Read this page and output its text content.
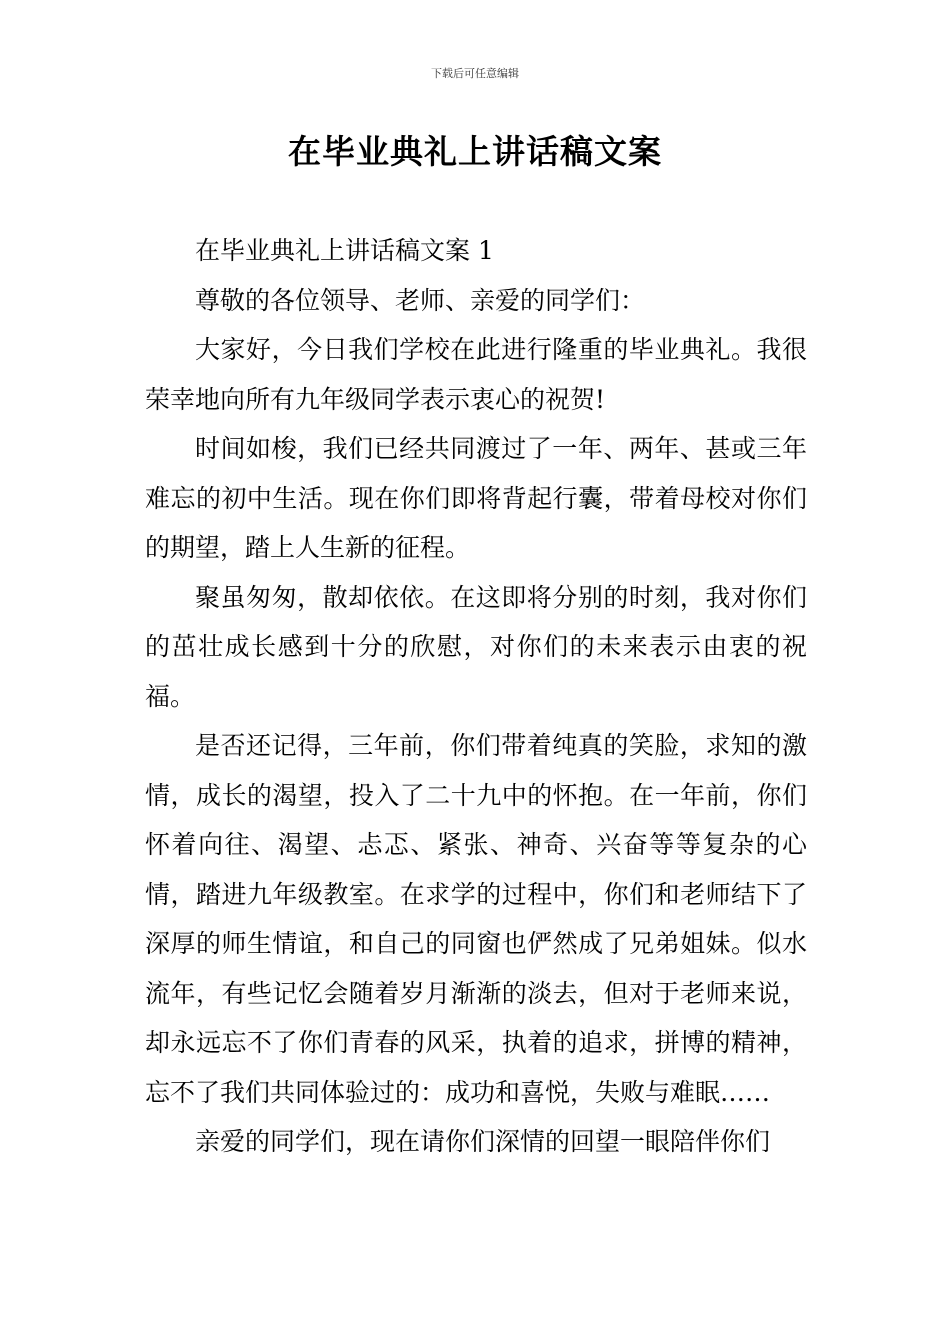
下载后可任意编辑
在毕业典礼上讲话稿文案

在毕业典礼上讲话稿文案 1

尊敬的各位领导、老师、亲爱的同学们：

大家好，今日我们学校在此进行隆重的毕业典礼。我很荣幸地向所有九年级同学表示衷心的祝贺!

时间如梭，我们已经共同渡过了一年、两年、甚或三年难忘的初中生活。现在你们即将背起行囊，带着母校对你们的期望，踏上人生新的征程。

聚虽匆匆，散却依依。在这即将分别的时刻，我对你们的茁壮成长感到十分的欣慰，对你们的未来表示由衷的祝福。

是否还记得，三年前，你们带着纯真的笑脸，求知的激情，成长的渴望，投入了二十九中的怀抱。在一年前，你们怀着向往、渴望、忐忑、紧张、神奇、兴奋等等复杂的心情，踏进九年级教室。在求学的过程中，你们和老师结下了深厚的师生情谊，和自己的同窗也俨然成了兄弟姐妹。似水流年，有些记忆会随着岁月渐渐的淡去，但对于老师来说，却永远忘不了你们青春的风采，执着的追求，拼博的精神，忘不了我们共同体验过的：成功和喜悦，失败与难眠……

亲爱的同学们，现在请你们深情的回望一眼陪伴你们
